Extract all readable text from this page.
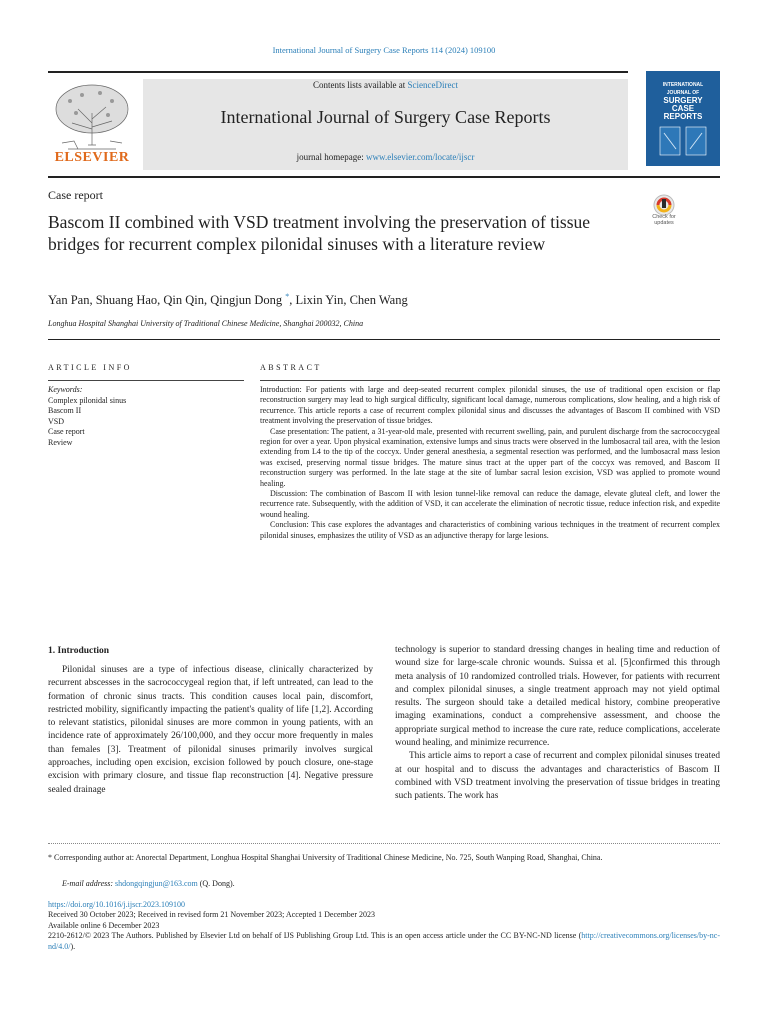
International Journal of Surgery Case Reports 114 (2024) 109100
ELSEVIER
Contents lists available at ScienceDirect
International Journal of Surgery Case Reports
journal homepage: www.elsevier.com/locate/ijscr
INTERNATIONAL
JOURNAL OF
SURGERY
CASE
REPORTS
Check for updates
Case report
Bascom II combined with VSD treatment involving the preservation of tissue bridges for recurrent complex pilonidal sinuses with a literature review
Yan Pan, Shuang Hao, Qin Qin, Qingjun Dong *, Lixin Yin, Chen Wang
Longhua Hospital Shanghai University of Traditional Chinese Medicine, Shanghai 200032, China
ARTICLE INFO	ABSTRACT
Keywords:
Complex pilonidal sinus
Bascom II
VSD
Case report
Review

Introduction: For patients with large and deep-seated recurrent complex pilonidal sinuses, the use of traditional open excision or flap reconstruction surgery may lead to high surgical difficulty, significant local damage, numerous complications, slow healing, and a high risk of recurrence. This article reports a case of recurrent complex pilonidal sinus and discusses the advantages of Bascom II combined with VSD treatment involving the preservation of tissue bridges.

Case presentation: The patient, a 31-year-old male, presented with recurrent swelling, pain, and purulent discharge from the sacrococcygeal region for over a year. Upon physical examination, extensive lumps and sinus tracts were observed in the lumbosacral tail area, with the lesion extending from L4 to the tip of the coccyx. Under general anesthesia, a segmental resection was performed, and the lumbosacral mass lesion was excised, preserving normal tissue bridges. The mature sinus tract at the upper part of the coccyx was removed, and Bascom II reconstruction surgery was performed. In the late stage at the site of lumbar sacral lesion excision, VSD was applied to promote wound healing.

Discussion: The combination of Bascom II with lesion tunnel-like removal can reduce the damage, elevate gluteal cleft, and lower the recurrence rate. Subsequently, with the addition of VSD, it can accelerate the elimination of necrotic tissue, reduce infection risk, and expedite wound healing.

Conclusion: This case explores the advantages and characteristics of combining various techniques in the treatment of recurrent complex pilonidal sinuses, emphasizes the utility of VSD as an adjunctive therapy for large lesions.

1. Introduction

Pilonidal sinuses are a type of infectious disease, clinically characterized by recurrent abscesses in the sacrococcygeal region that, if left untreated, can lead to the formation of chronic sinus tracts. This condition causes local pain, discomfort, restricted mobility, significantly impacting the patient's quality of life [1,2]. According to relevant statistics, pilonidal sinuses are more common in young patients, with an incidence rate of approximately 26/100,000, and they occur more frequently in males than females [3]. Treatment of pilonidal sinuses primarily involves surgical approaches, including open excision, excision followed by pouch closure, one-stage excision with primary closure, and tissue flap reconstruction [4]. Negative pressure sealed drainage

technology is superior to standard dressing changes in healing time and reduction of wound size for large-scale chronic wounds. Suissa et al. [5]confirmed this through meta analysis of 10 randomized controlled trials. However, for patients with recurrent and complex pilonidal sinuses, a single treatment approach may not yield optimal results. The surgeon should take a detailed medical history, combine preoperative imaging examinations, conduct a comprehensive assessment, and choose the appropriate surgical method to increase the cure rate, reduce complications, accelerate wound healing, and minimize recurrence.

This article aims to report a case of recurrent and complex pilonidal sinuses treated at our hospital and to discuss the advantages and characteristics of Bascom II combined with VSD treatment involving the preservation of tissue bridges in treating such patients. The work has

* Corresponding author at: Anorectal Department, Longhua Hospital Shanghai University of Traditional Chinese Medicine, No. 725, South Wanping Road, Shanghai, China.
E-mail address: shdongqingjun@163.com (Q. Dong).
https://doi.org/10.1016/j.ijscr.2023.109100
Received 30 October 2023; Received in revised form 21 November 2023; Accepted 1 December 2023
Available online 6 December 2023
2210-2612/© 2023 The Authors. Published by Elsevier Ltd on behalf of IJS Publishing Group Ltd. This is an open access article under the CC BY-NC-ND license (http://creativecommons.org/licenses/by-nc-nd/4.0/).
